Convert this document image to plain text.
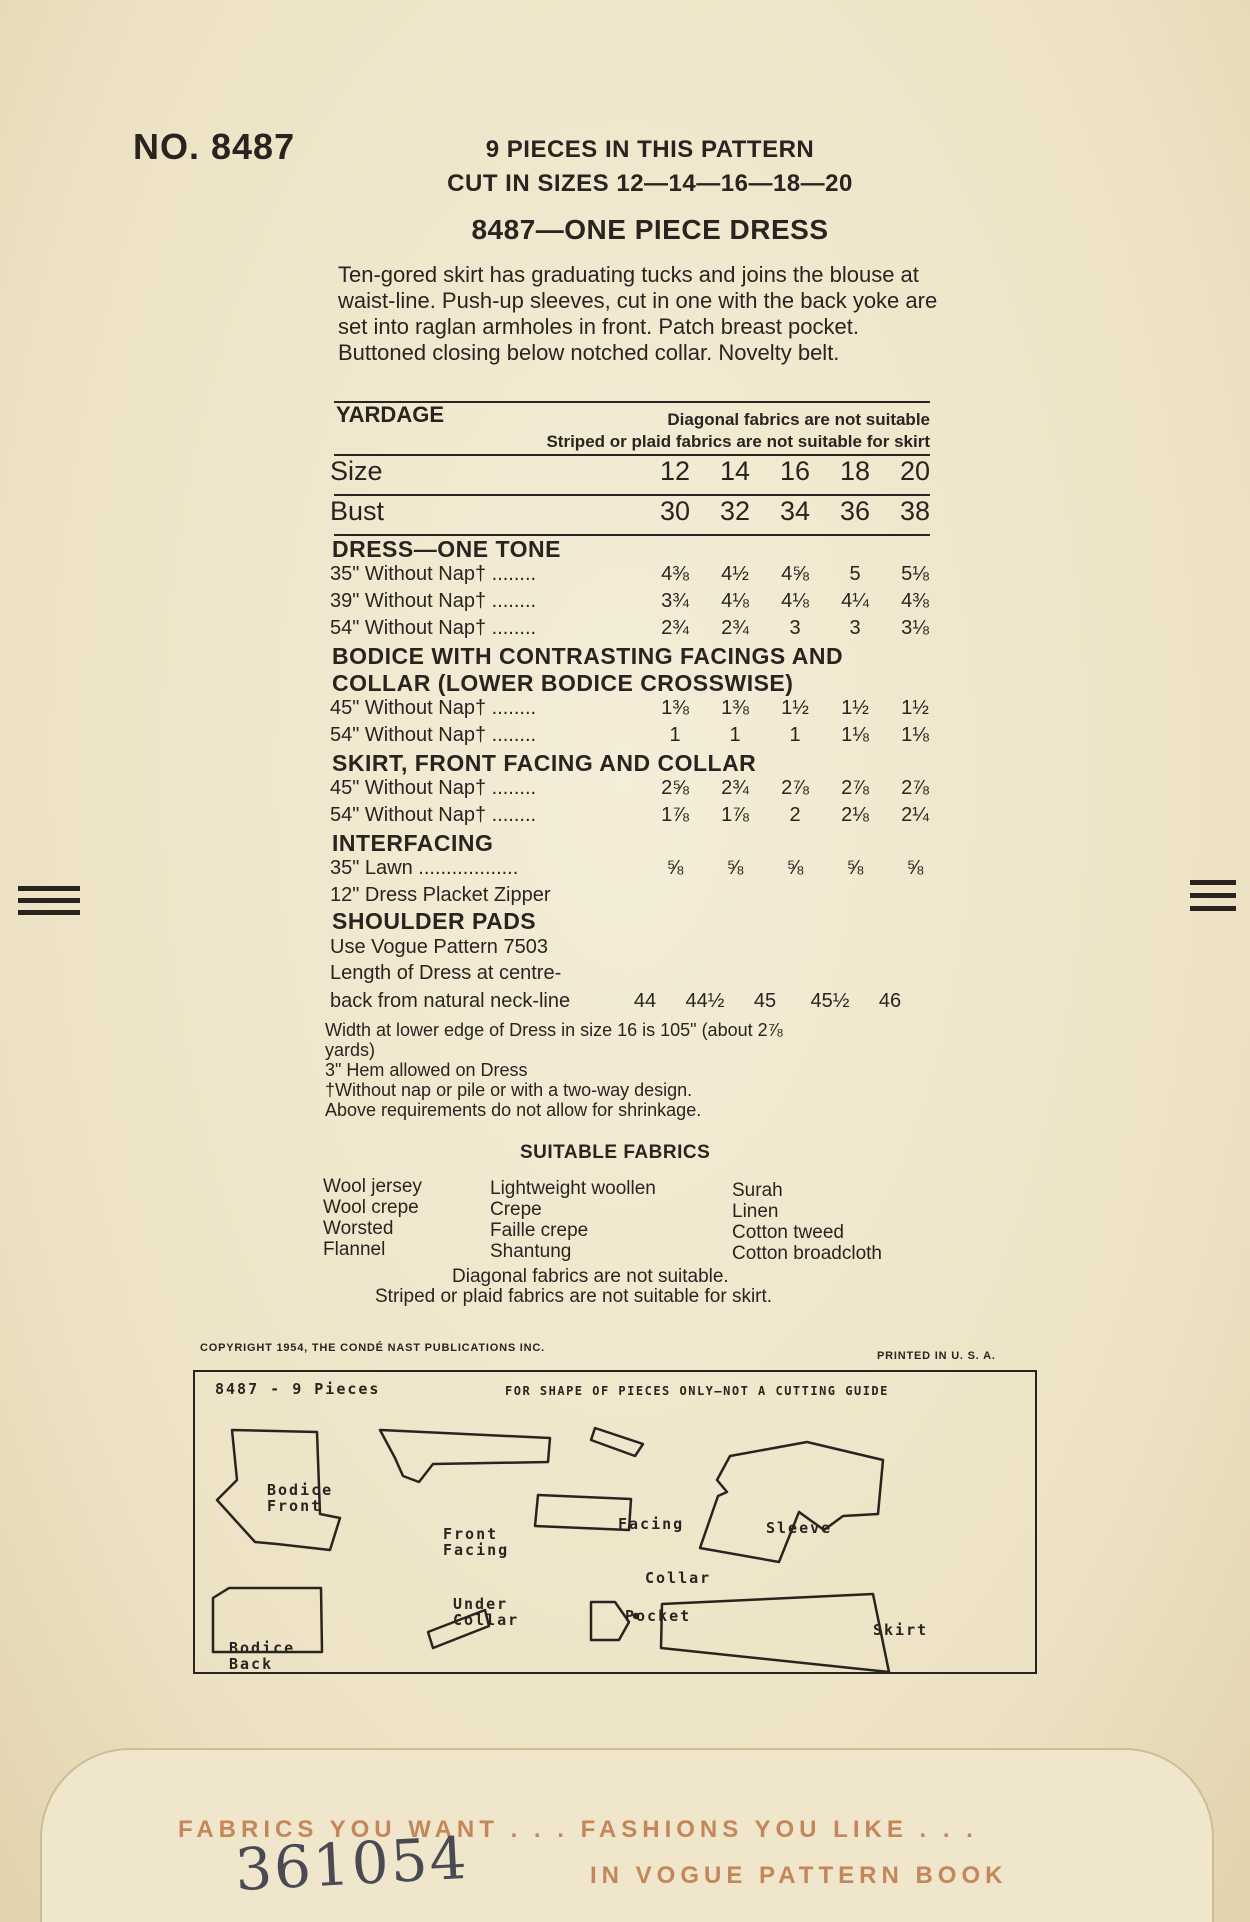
NO. 8487	9 PIECES IN THIS PATTERN
CUT IN SIZES 12—14—16—18—20
8487—ONE PIECE DRESS
Ten-gored skirt has graduating tucks and joins the blouse at waist-line. Push-up sleeves, cut in one with the back yoke are set into raglan armholes in front. Patch breast pocket. Buttoned closing below notched collar. Novelty belt.
YARDAGE	Diagonal fabrics are not suitable
Striped or plaid fabrics are not suitable for skirt
Size	12	14	16	18	20
Bust	30	32	34	36	38
DRESS—ONE TONE
35" Without Nap† ........	4⅜	4½	4⅝	5	5⅛
39" Without Nap† ........	3¾	4⅛	4⅛	4¼	4⅜
54" Without Nap† ........	2¾	2¾	3	3	3⅛
BODICE WITH CONTRASTING FACINGS AND
COLLAR (LOWER BODICE CROSSWISE)
45" Without Nap† ........	1⅜	1⅜	1½	1½	1½
54" Without Nap† ........	1	1	1	1⅛	1⅛
SKIRT, FRONT FACING AND COLLAR
45" Without Nap† ........	2⅝	2¾	2⅞	2⅞	2⅞
54" Without Nap† ........	1⅞	1⅞	2	2⅛	2¼
INTERFACING
35" Lawn ..................	⅝	⅝	⅝	⅝	⅝
12" Dress Placket Zipper
SHOULDER PADS
Use Vogue Pattern 7503
Length of Dress at centre-
back from natural neck-line	44	44½	45	45½	46
Width at lower edge of Dress in size 16 is 105" (about 2⅞
yards)
3" Hem allowed on Dress
†Without nap or pile or with a two-way design.
Above requirements do not allow for shrinkage.
SUITABLE FABRICS
Wool jersey
Wool crepe
Worsted
Flannel
Lightweight woollen
Crepe
Faille crepe
Shantung
Surah
Linen
Cotton tweed
Cotton broadcloth
Diagonal fabrics are not suitable.
Striped or plaid fabrics are not suitable for skirt.
COPYRIGHT 1954, THE CONDÉ NAST PUBLICATIONS INC.
PRINTED IN U. S. A.
8487 - 9 Pieces	FOR SHAPE OF PIECES ONLY—NOT A CUTTING GUIDE
Bodice
Front
Front
Facing
Facing	Sleeve
Collar
Bodice
Back
Under
Collar	Pocket
Skirt
FABRICS YOU WANT . . . FASHIONS YOU LIKE . . .
IN VOGUE PATTERN BOOK
361054
